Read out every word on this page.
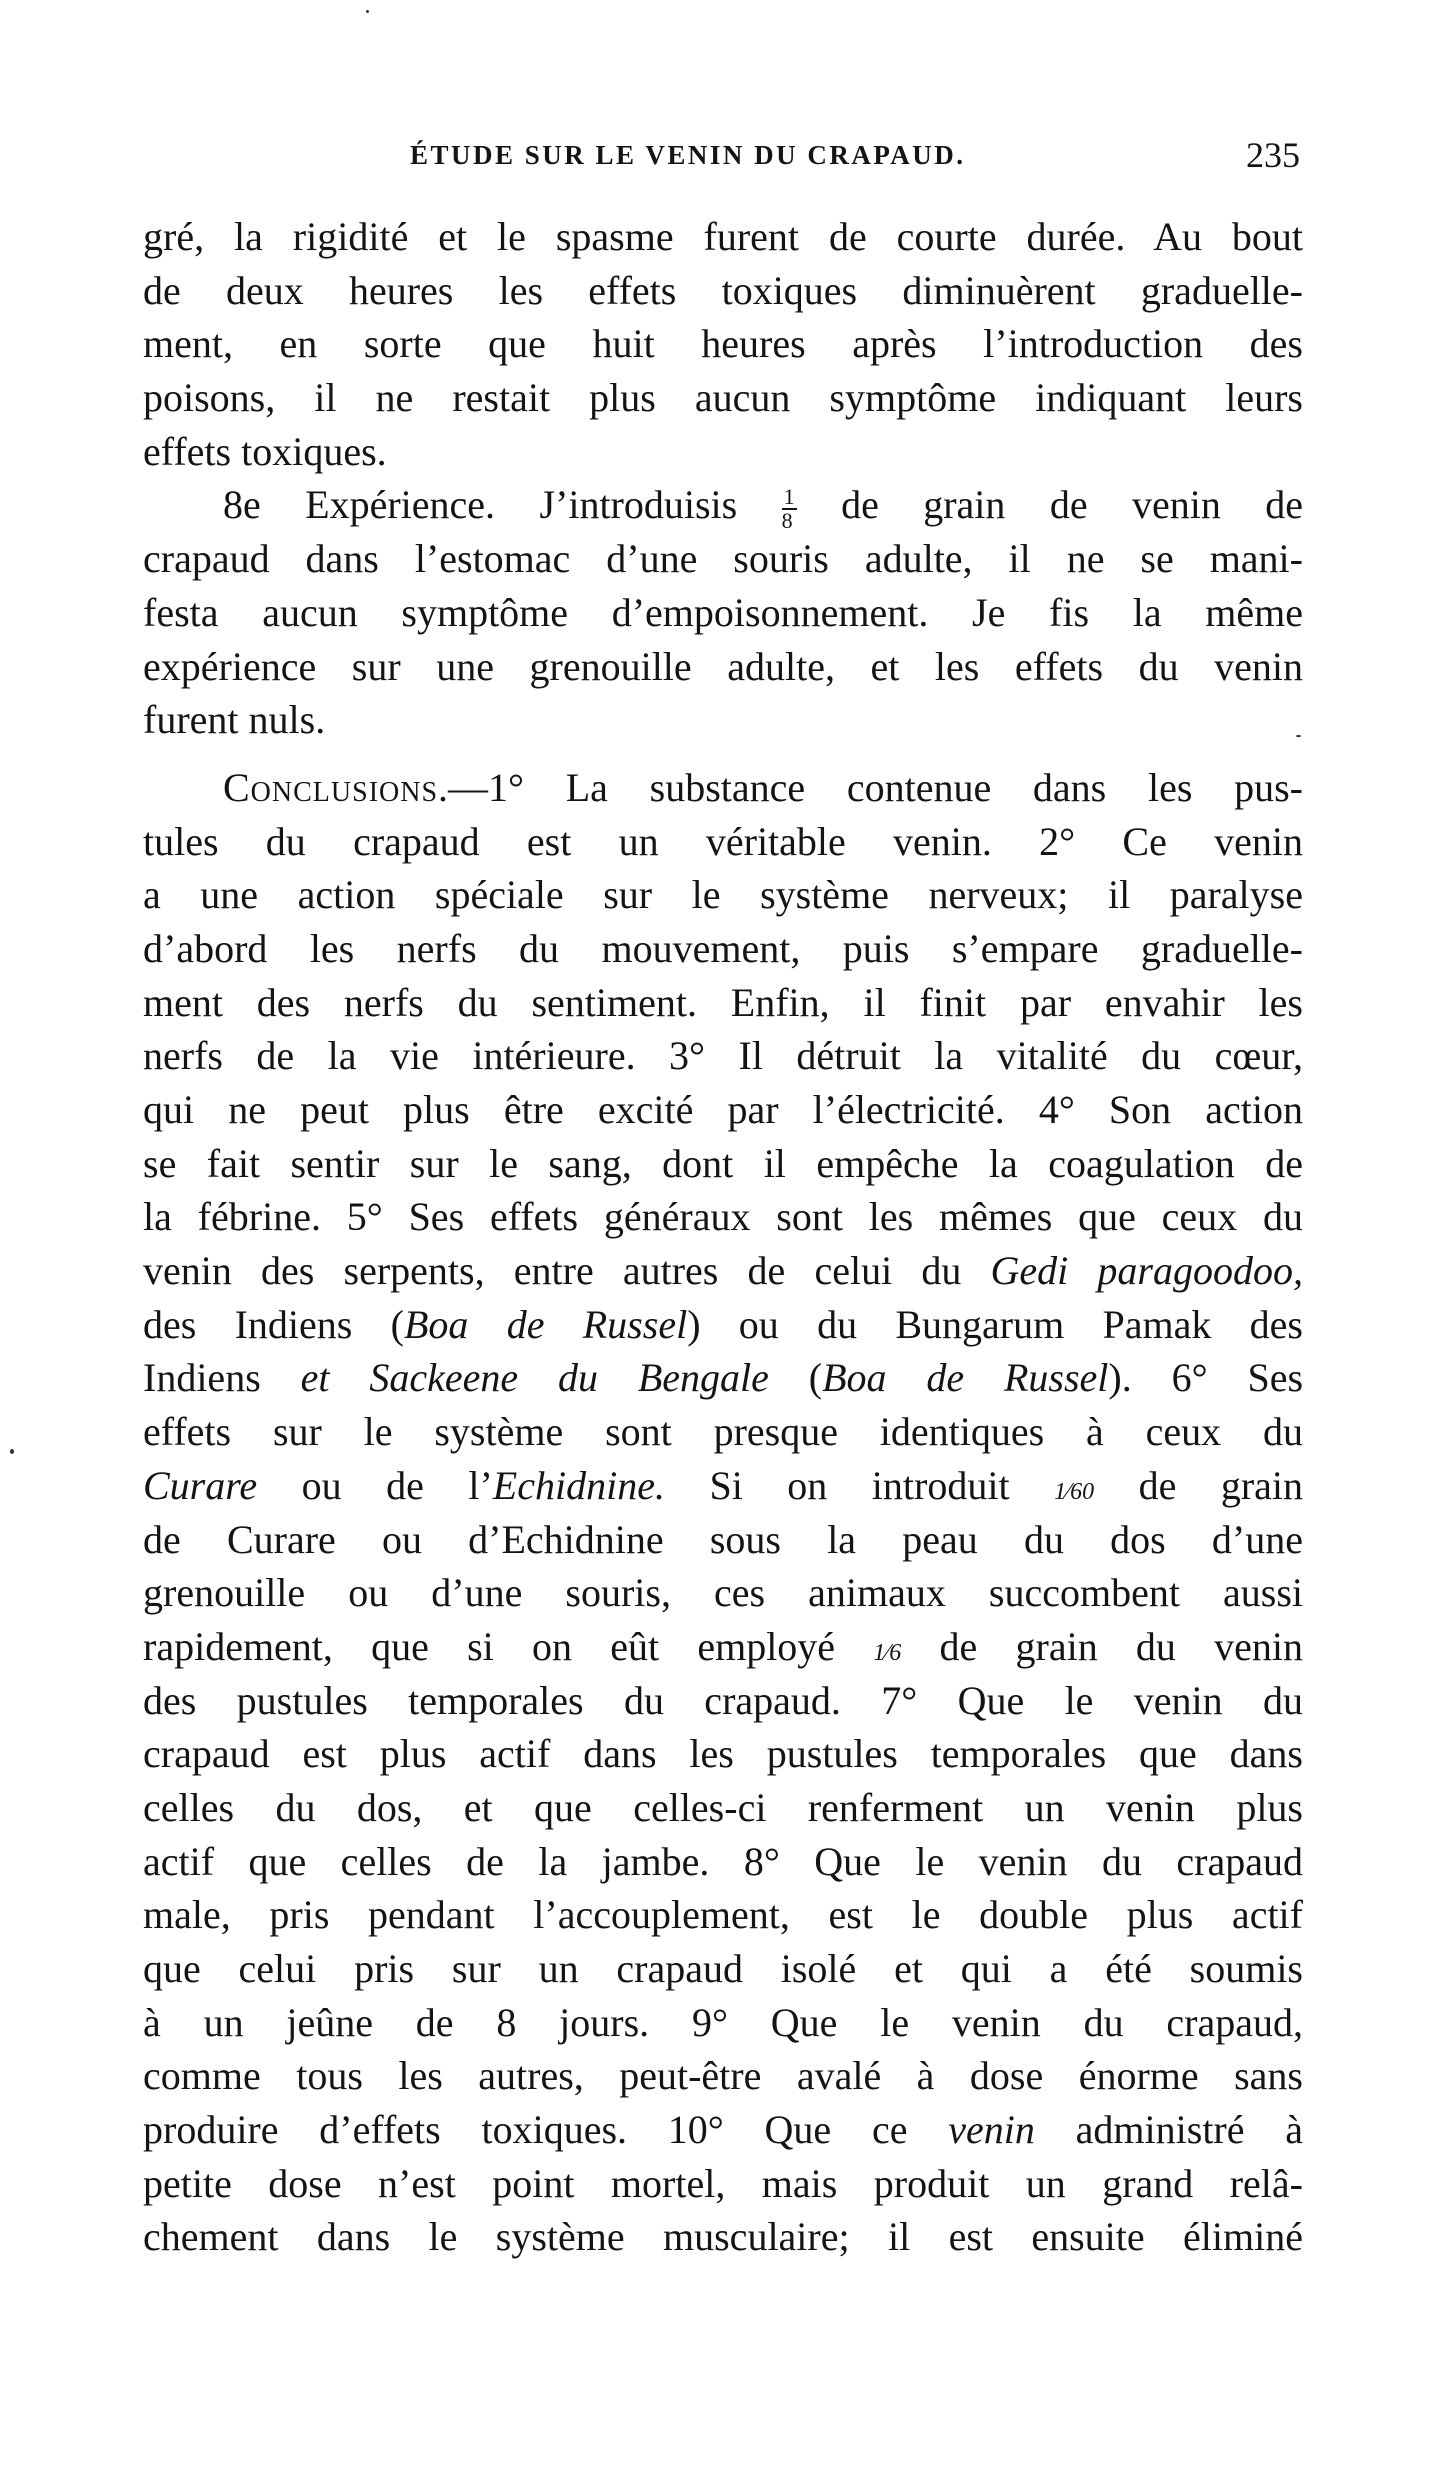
ÉTUDE SUR LE VENIN DU CRAPAUD.	235
gré, la rigidité et le spasme furent de courte durée. Au bout
de deux heures les effets toxiques diminuèrent graduelle-
ment, en sorte que huit heures après l’introduction des
poisons, il ne restait plus aucun symptôme indiquant leurs
effets toxiques.
8e Expérience. J’introduisis $\frac{1}{8}$ de grain de venin de
crapaud dans l’estomac d’une souris adulte, il ne se mani-
festa aucun symptôme d’empoisonnement. Je fis la même
expérience sur une grenouille adulte, et les effets du venin
furent nuls.
Conclusions.—1° La substance contenue dans les pus-
tules du crapaud est un véritable venin. 2° Ce venin
a une action spéciale sur le système nerveux; il paralyse
d’abord les nerfs du mouvement, puis s’empare graduelle-
ment des nerfs du sentiment. Enfin, il finit par envahir les
nerfs de la vie intérieure. 3° Il détruit la vitalité du cœur,
qui ne peut plus être excité par l’électricité. 4° Son action
se fait sentir sur le sang, dont il empêche la coagulation de
la fébrine. 5° Ses effets généraux sont les mêmes que ceux du
venin des serpents, entre autres de celui du Gedi paragoodoo,
des Indiens (Boa de Russel) ou du Bungarum Pamak des
Indiens et Sackeene du Bengale (Boa de Russel). 6° Ses
effets sur le système sont presque identiques à ceux du
Curare ou de l’Echidnine. Si on introduit 1⁄60 de grain
de Curare ou d’Echidnine sous la peau du dos d’une
grenouille ou d’une souris, ces animaux succombent aussi
rapidement, que si on eût employé 1⁄6 de grain du venin
des pustules temporales du crapaud. 7° Que le venin du
crapaud est plus actif dans les pustules temporales que dans
celles du dos, et que celles-ci renferment un venin plus
actif que celles de la jambe. 8° Que le venin du crapaud
male, pris pendant l’accouplement, est le double plus actif
que celui pris sur un crapaud isolé et qui a été soumis
à un jeûne de 8 jours. 9° Que le venin du crapaud,
comme tous les autres, peut-être avalé à dose énorme sans
produire d’effets toxiques. 10° Que ce venin administré à
petite dose n’est point mortel, mais produit un grand relâ-
chement dans le système musculaire; il est ensuite éliminé
